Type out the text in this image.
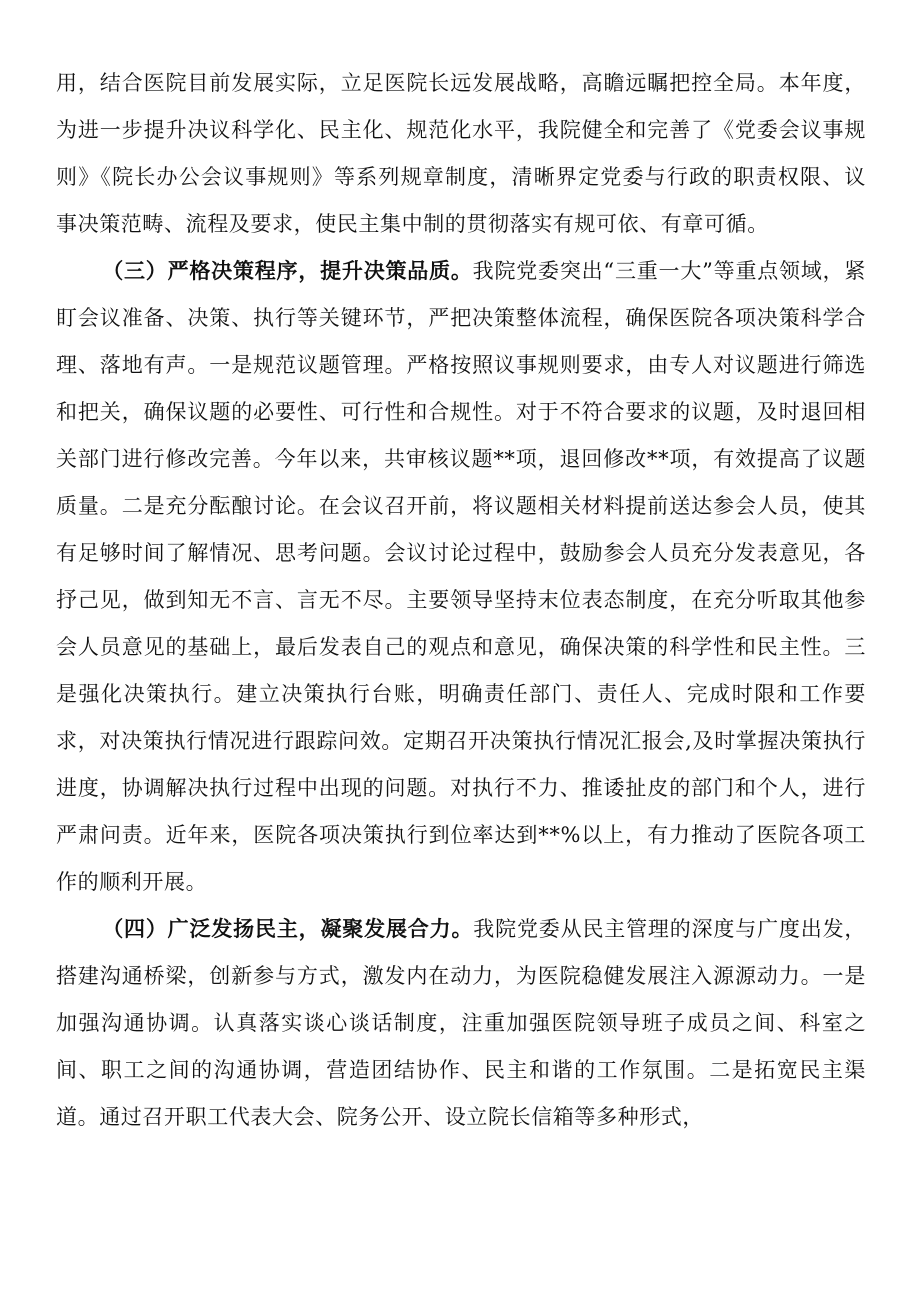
用，结合医院目前发展实际，立足医院长远发展战略，高瞻远瞩把控全局。本年度，为进一步提升决议科学化、民主化、规范化水平，我院健全和完善了《党委会议事规则》《院长办公会议事规则》等系列规章制度，清晰界定党委与行政的职责权限、议事决策范畴、流程及要求，使民主集中制的贯彻落实有规可依、有章可循。

（三）严格决策程序，提升决策品质。我院党委突出“三重一大”等重点领域，紧盯会议准备、决策、执行等关键环节，严把决策整体流程，确保医院各项决策科学合理、落地有声。一是规范议题管理。严格按照议事规则要求，由专人对议题进行筛选和把关，确保议题的必要性、可行性和合规性。对于不符合要求的议题，及时退回相关部门进行修改完善。今年以来，共审核议题**项，退回修改**项，有效提高了议题质量。二是充分酝酿讨论。在会议召开前，将议题相关材料提前送达参会人员，使其有足够时间了解情况、思考问题。会议讨论过程中，鼓励参会人员充分发表意见，各抒己见，做到知无不言、言无不尽。主要领导坚持末位表态制度，在充分听取其他参会人员意见的基础上，最后发表自己的观点和意见，确保决策的科学性和民主性。三是强化决策执行。建立决策执行台账，明确责任部门、责任人、完成时限和工作要求，对决策执行情况进行跟踪问效。定期召开决策执行情况汇报会,及时掌握决策执行进度，协调解决执行过程中出现的问题。对执行不力、推诿扯皮的部门和个人，进行严肃问责。近年来，医院各项决策执行到位率达到**%以上，有力推动了医院各项工作的顺利开展。

（四）广泛发扬民主，凝聚发展合力。我院党委从民主管理的深度与广度出发，搭建沟通桥梁，创新参与方式，激发内在动力，为医院稳健发展注入源源动力。一是加强沟通协调。认真落实谈心谈话制度，注重加强医院领导班子成员之间、科室之间、职工之间的沟通协调，营造团结协作、民主和谐的工作氛围。二是拓宽民主渠道。通过召开职工代表大会、院务公开、设立院长信箱等多种形式，
